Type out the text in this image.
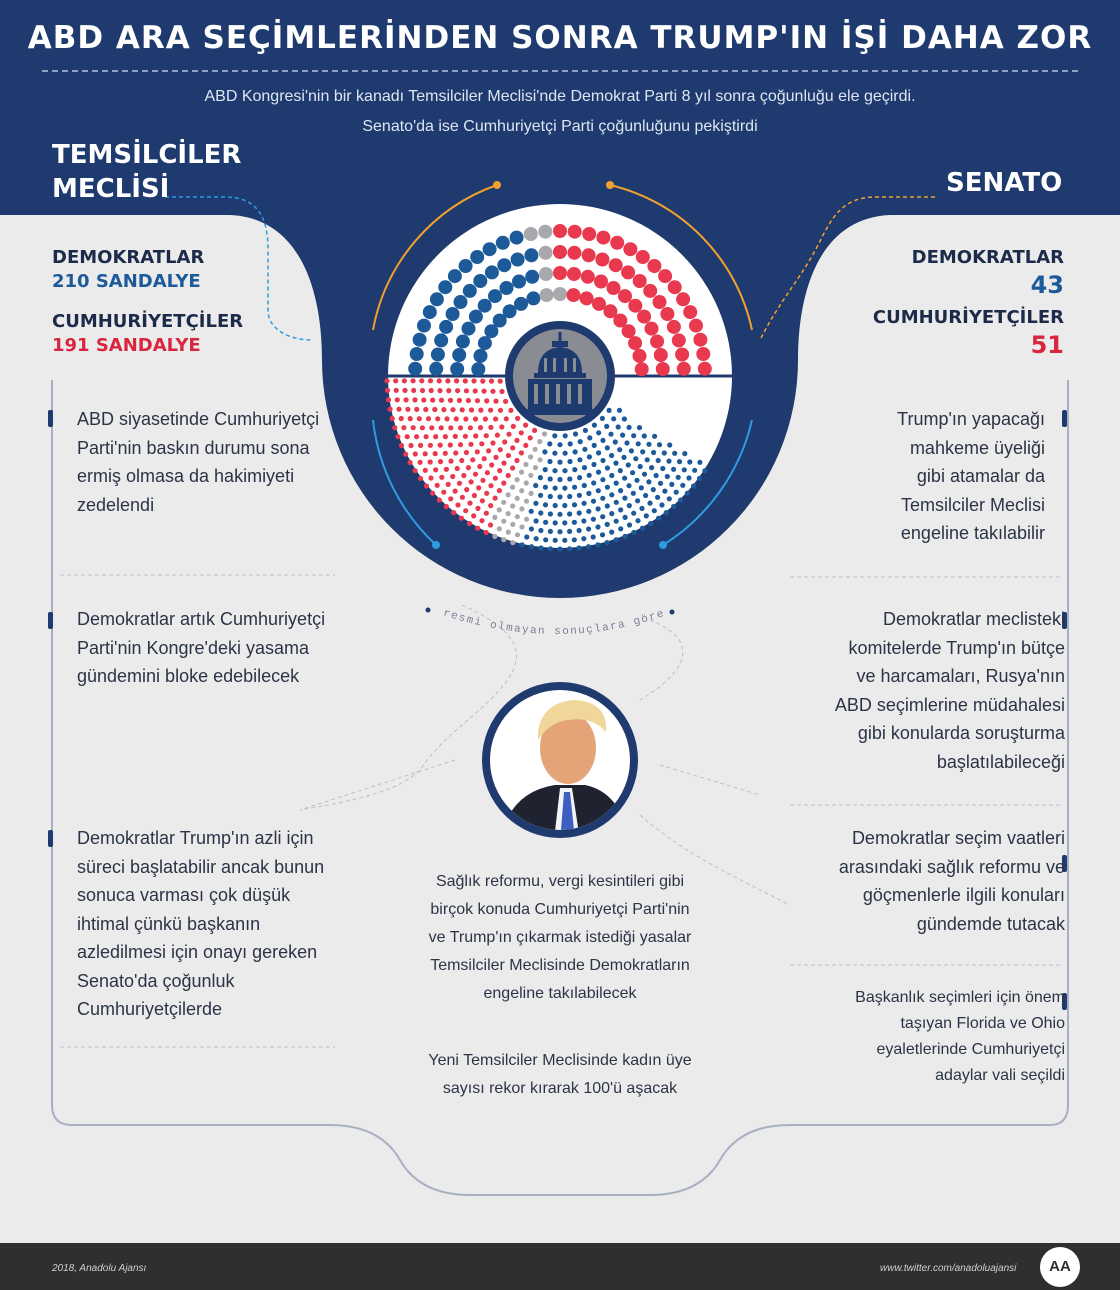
ABD ARA SEÇİMLERİNDEN SONRA TRUMP'IN İŞİ DAHA ZOR
ABD Kongresi'nin bir kanadı Temsilciler Meclisi'nde Demokrat Parti 8 yıl sonra çoğunluğu ele geçirdi.
Senato'da ise Cumhuriyetçi Parti çoğunluğunu pekiştirdi
TEMSİLCİLER
MECLİSİ	SENATO
DEMOKRATLAR
210 SANDALYE
CUMHURİYETÇİLER
191 SANDALYE
DEMOKRATLAR
43
CUMHURİYETÇİLER
51
SENATO
TEMSİLCİLER MECLİSİ
resmi olmayan sonuçlara göre
ABD siyasetinde Cumhuriyetçi Parti'nin baskın durumu sona ermiş olmasa da hakimiyeti zedelendi
Demokratlar artık Cumhuriyetçi Parti'nin Kongre'deki yasama gündemini bloke edebilecek
Demokratlar Trump'ın azli için süreci başlatabilir ancak bunun sonuca varması çok düşük ihtimal çünkü başkanın azledilmesi için onayı gereken Senato'da çoğunluk Cumhuriyetçilerde
Trump'ın yapacağı mahkeme üyeliği gibi atamalar da Temsilciler Meclisi engeline takılabilir
Demokratlar meclisteki komitelerde Trump'ın bütçe ve harcamaları, Rusya'nın ABD seçimlerine müdahalesi gibi konularda soruşturma başlatılabileceği
Demokratlar seçim vaatleri arasındaki sağlık reformu ve göçmenlerle ilgili konuları gündemde tutacak
Başkanlık seçimleri için önem taşıyan Florida ve Ohio eyaletlerinde Cumhuriyetçi adaylar vali seçildi
Sağlık reformu, vergi kesintileri gibi birçok konuda Cumhuriyetçi Parti'nin ve Trump'ın çıkarmak istediği yasalar Temsilciler Meclisinde Demokratların engeline takılabilecek
Yeni Temsilciler Meclisinde kadın üye sayısı rekor kırarak 100'ü aşacak
2018, Anadolu Ajansı	www.twitter.com/anadoluajansi	AA
